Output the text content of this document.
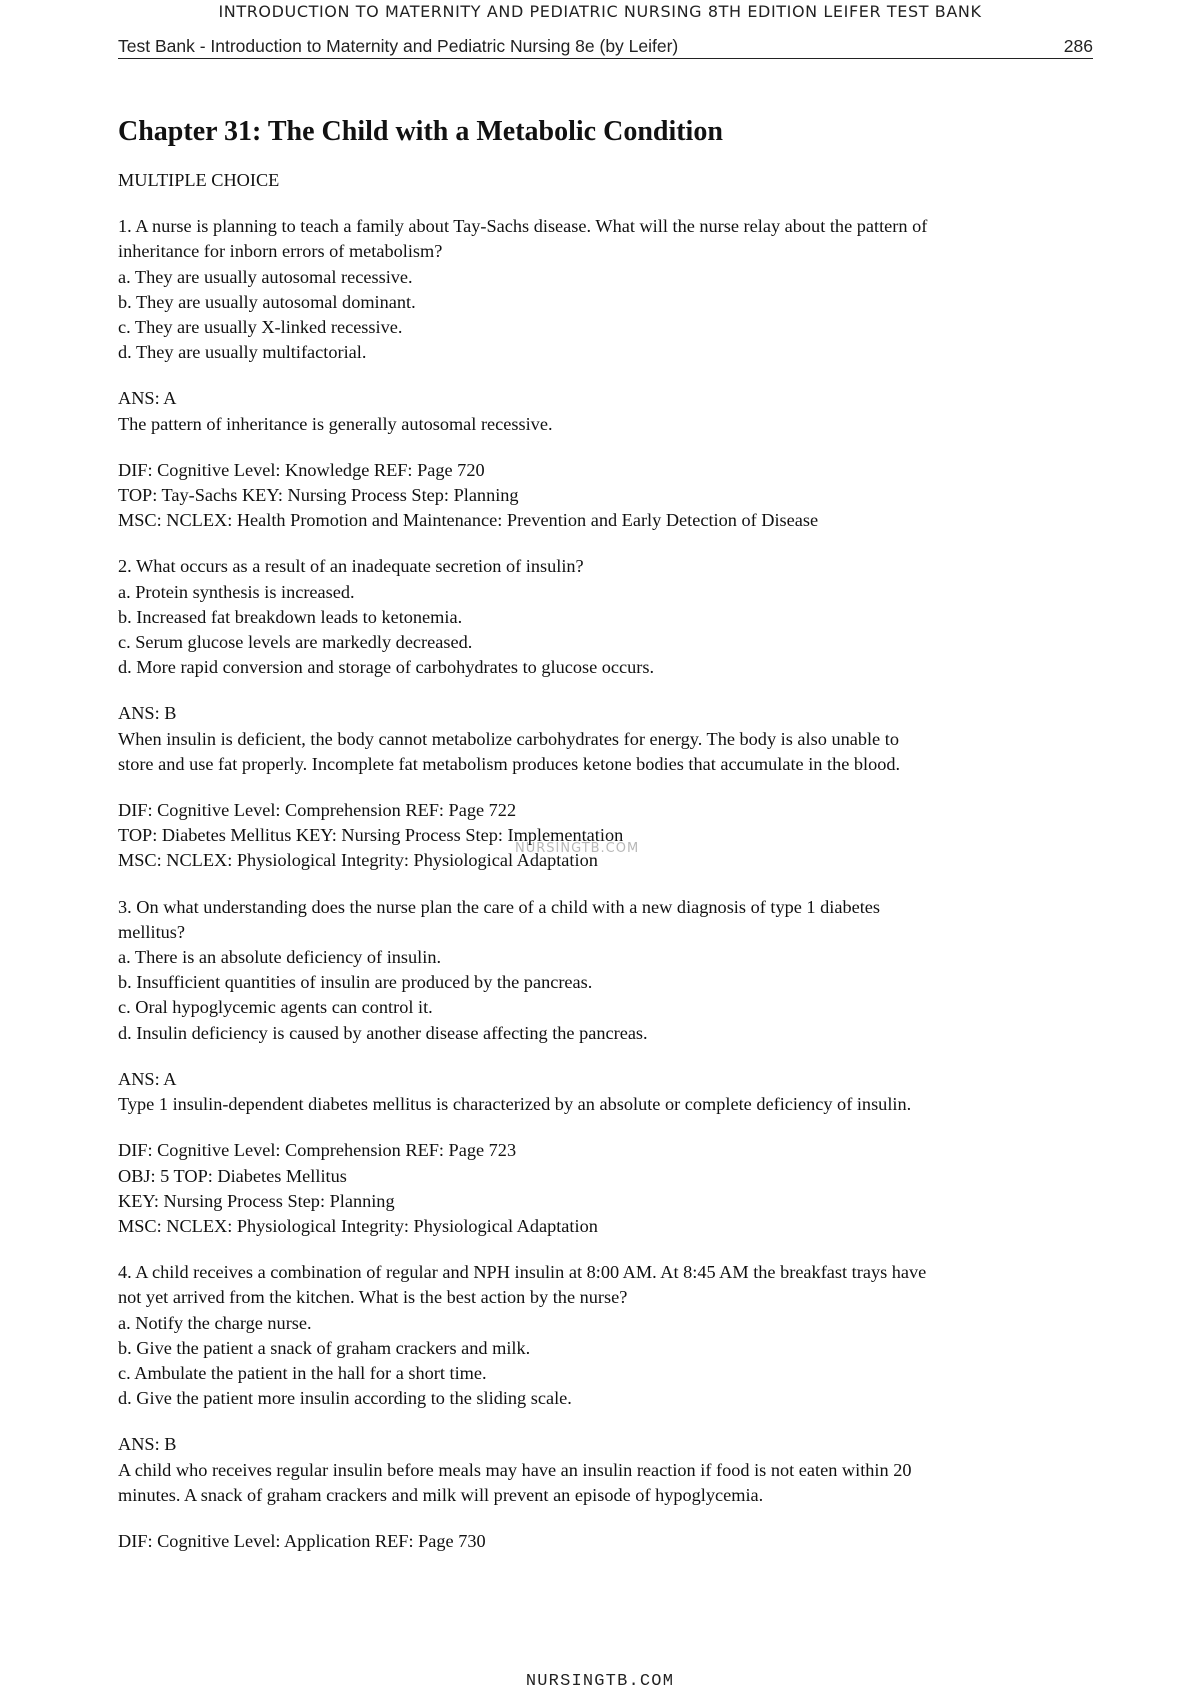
INTRODUCTION TO MATERNITY AND PEDIATRIC NURSING 8TH EDITION LEIFER TEST BANK
Test Bank - Introduction to Maternity and Pediatric Nursing 8e (by Leifer)	286
Chapter 31: The Child with a Metabolic Condition
MULTIPLE CHOICE
1. A nurse is planning to teach a family about Tay-Sachs disease. What will the nurse relay about the pattern of
inheritance for inborn errors of metabolism?
a. They are usually autosomal recessive.
b. They are usually autosomal dominant.
c. They are usually X-linked recessive.
d. They are usually multifactorial.
ANS: A
The pattern of inheritance is generally autosomal recessive.
DIF: Cognitive Level: Knowledge REF: Page 720
TOP: Tay-Sachs KEY: Nursing Process Step: Planning
MSC: NCLEX: Health Promotion and Maintenance: Prevention and Early Detection of Disease
2. What occurs as a result of an inadequate secretion of insulin?
a. Protein synthesis is increased.
b. Increased fat breakdown leads to ketonemia.
c. Serum glucose levels are markedly decreased.
d. More rapid conversion and storage of carbohydrates to glucose occurs.
ANS: B
When insulin is deficient, the body cannot metabolize carbohydrates for energy. The body is also unable to
store and use fat properly. Incomplete fat metabolism produces ketone bodies that accumulate in the blood.
DIF: Cognitive Level: Comprehension REF: Page 722
TOP: Diabetes Mellitus KEY: Nursing Process Step: Implementation
MSC: NCLEX: Physiological Integrity: Physiological Adaptation
3. On what understanding does the nurse plan the care of a child with a new diagnosis of type 1 diabetes
mellitus?
a. There is an absolute deficiency of insulin.
b. Insufficient quantities of insulin are produced by the pancreas.
c. Oral hypoglycemic agents can control it.
d. Insulin deficiency is caused by another disease affecting the pancreas.
ANS: A
Type 1 insulin-dependent diabetes mellitus is characterized by an absolute or complete deficiency of insulin.
DIF: Cognitive Level: Comprehension REF: Page 723
OBJ: 5 TOP: Diabetes Mellitus
KEY: Nursing Process Step: Planning
MSC: NCLEX: Physiological Integrity: Physiological Adaptation
4. A child receives a combination of regular and NPH insulin at 8:00 AM. At 8:45 AM the breakfast trays have
not yet arrived from the kitchen. What is the best action by the nurse?
a. Notify the charge nurse.
b. Give the patient a snack of graham crackers and milk.
c. Ambulate the patient in the hall for a short time.
d. Give the patient more insulin according to the sliding scale.
ANS: B
A child who receives regular insulin before meals may have an insulin reaction if food is not eaten within 20
minutes. A snack of graham crackers and milk will prevent an episode of hypoglycemia.
DIF: Cognitive Level: Application REF: Page 730
NURSINGTB.COM
NURSINGTB.COM
